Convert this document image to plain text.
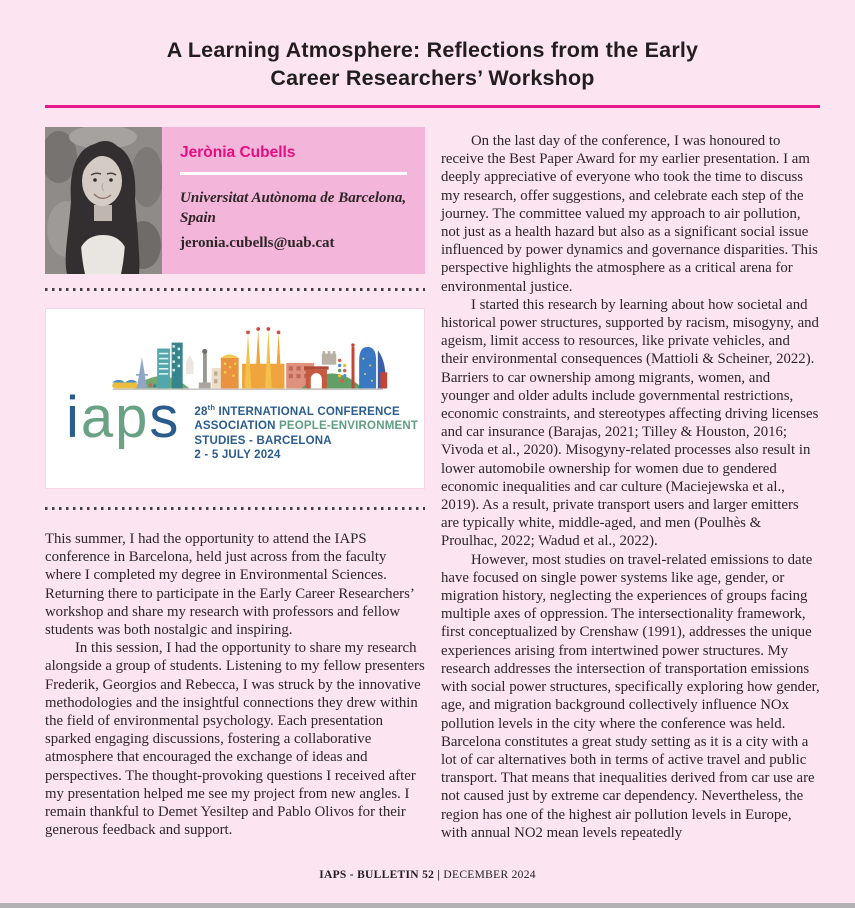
A Learning Atmosphere: Reflections from the Early
Career Researchers’ Workshop
Jerònia Cubells
Universitat Autònoma de Barcelona,
Spain
jeronia.cubells@uab.cat
iaps 28th INTERNATIONAL CONFERENCE
ASSOCIATION PEOPLE-ENVIRONMENT
STUDIES - BARCELONA
2 - 5 JULY 2024

This summer, I had the opportunity to attend the IAPS conference in Barcelona, held just across from the faculty where I completed my degree in Environmental Sciences. Returning there to participate in the Early Career Researchers’ workshop and share my research with professors and fellow students was both nostalgic and inspiring.

In this session, I had the opportunity to share my research alongside a group of students. Listening to my fellow presenters Frederik, Georgios and Rebecca, I was struck by the innovative methodologies and the insightful connections they drew within the field of environmental psychology. Each presentation sparked engaging discussions, fostering a collaborative atmosphere that encouraged the exchange of ideas and perspectives. The thought-provoking questions I received after my presentation helped me see my project from new angles. I remain thankful to Demet Yesiltep and Pablo Olivos for their generous feedback and support.

On the last day of the conference, I was honoured to receive the Best Paper Award for my earlier presentation. I am deeply appreciative of everyone who took the time to discuss my research, offer suggestions, and celebrate each step of the journey. The committee valued my approach to air pollution, not just as a health hazard but also as a significant social issue influenced by power dynamics and governance disparities. This perspective highlights the atmosphere as a critical arena for environmental justice.

I started this research by learning about how societal and historical power structures, supported by racism, misogyny, and ageism, limit access to resources, like private vehicles, and their environmental consequences (Mattioli & Scheiner, 2022). Barriers to car ownership among migrants, women, and younger and older adults include governmental restrictions, economic constraints, and stereotypes affecting driving licenses and car insurance (Barajas, 2021; Tilley & Houston, 2016; Vivoda et al., 2020). Misogyny-related processes also result in lower automobile ownership for women due to gendered economic inequalities and car culture (Maciejewska et al., 2019). As a result, private transport users and larger emitters are typically white, middle-aged, and men (Poulhès & Proulhac, 2022; Wadud et al., 2022).

However, most studies on travel-related emissions to date have focused on single power systems like age, gender, or migration history, neglecting the experiences of groups facing multiple axes of oppression. The intersectionality framework, first conceptualized by Crenshaw (1991), addresses the unique experiences arising from intertwined power structures. My research addresses the intersection of transportation emissions with social power structures, specifically exploring how gender, age, and migration background collectively influence NOx pollution levels in the city where the conference was held. Barcelona constitutes a great study setting as it is a city with a lot of car alternatives both in terms of active travel and public transport. That means that inequalities derived from car use are not caused just by extreme car dependency. Nevertheless, the region has one of the highest air pollution levels in Europe, with annual NO2 mean levels repeatedly

IAPS - BULLETIN 52 | DECEMBER 2024
